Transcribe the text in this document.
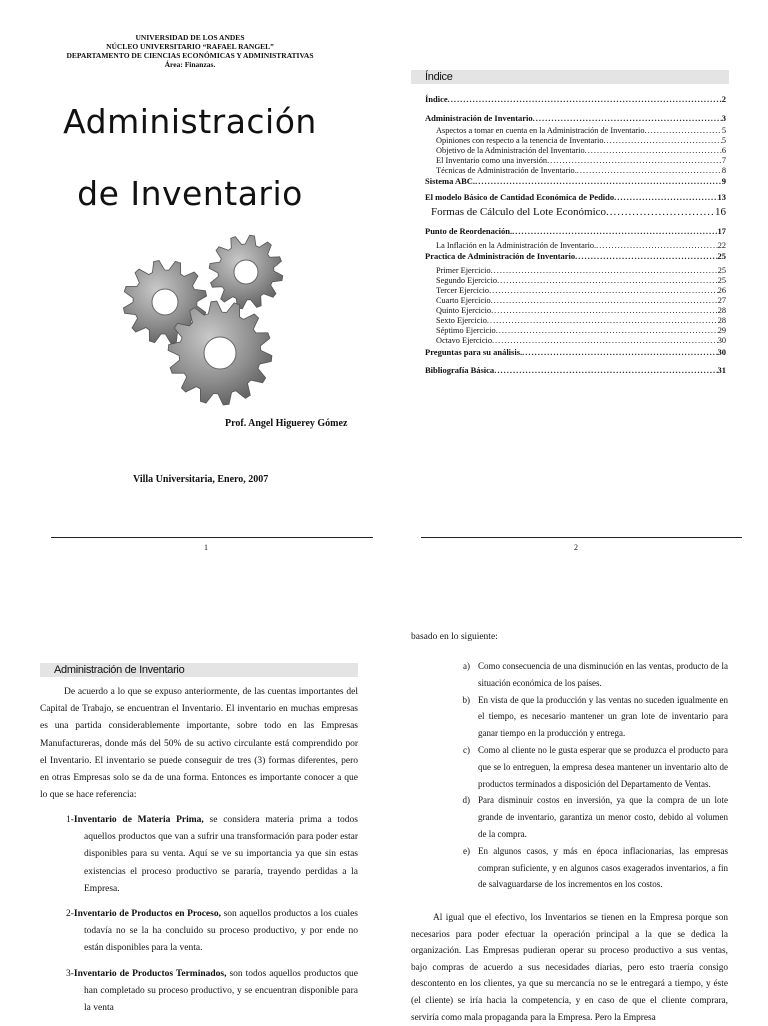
UNIVERSIDAD DE LOS ANDES
NÚCLEO UNIVERSITARIO “RAFAEL RANGEL”
DEPARTAMENTO DE CIENCIAS ECONÓMICAS Y ADMINISTRATIVAS
Área: Finanzas.
Administración
de Inventario
Prof. Angel Higuerey Gómez
Villa Universitaria, Enero, 2007
1
Índice
Índice .....	2
Administración de Inventario .....	3
Aspectos a tomar en cuenta en la Administración de Inventario .....	5
Opiniones con respecto a la tenencia de Inventario .....	5
Objetivo de la Administración del Inventario .....	6
El Inventario como una inversión .....	7
Técnicas de Administración de Inventario. .....	8
Sistema ABC. .....	9
El modelo Básico de Cantidad Económica de Pedido .....	13
Formas de Cálculo del Lote Económico .....	16
Punto de Reordenación. .....	17
La Inflación en la Administración de Inventario. .....	22
Practica de Administración de Inventario .....	25
Primer Ejercicio .....	25
Segundo Ejercicio .....	25
Tercer Ejercicio .....	26
Cuarto Ejercicio .....	27
Quinto Ejercicio .....	28
Sexto Ejercicio .....	28
Séptimo Ejercicio .....	29
Octavo Ejercicio .....	30
Preguntas para su análisis. .....	30
Bibliografía Básica .....	31
2
Administración de Inventario
De acuerdo a lo que se expuso anteriormente, de las cuentas importantes del Capital de Trabajo, se encuentran el Inventario. El inventario en muchas empresas es una partida considerablemente importante, sobre todo en las Empresas Manufactureras, donde más del 50% de su activo circulante está comprendido por el Inventario. El inventario se puede conseguir de tres (3) formas diferentes, pero en otras Empresas solo se da de una forma. Entonces es importante conocer a que lo que se hace referencia:
1-Inventario de Materia Prima, se considera materia prima a todos aquellos productos que van a sufrir una transformación para poder estar disponibles para su venta. Aquí se ve su importancia ya que sin estas existencias el proceso productivo se pararía, trayendo perdidas a la Empresa.
2-Inventario de Productos en Proceso, son aquellos productos a los cuales todavía no se la ha concluido su proceso productivo, y por ende no están disponibles para la venta.
3-Inventario de Productos Terminados, son todos aquellos productos que han completado su proceso productivo, y se encuentran disponible para la venta
basado en lo siguiente:
a) Como consecuencia de una disminución en las ventas, producto de la situación económica de los países.
b) En vista de que la producción y las ventas no suceden igualmente en el tiempo, es necesario mantener un gran lote de inventario para ganar tiempo en la producción y entrega.
c) Como al cliente no le gusta esperar que se produzca el producto para que se lo entreguen, la empresa desea mantener un inventario alto de productos terminados a disposición del Departamento de Ventas.
d) Para disminuir costos en inversión, ya que la compra de un lote grande de inventario, garantiza un menor costo, debido al volumen de la compra.
e) En algunos casos, y más en época inflacionarias, las empresas compran suficiente, y en algunos casos exagerados inventarios, a fin de salvaguardarse de los incrementos en los costos.
Al igual que el efectivo, los Inventarios se tienen en la Empresa porque son necesarios para poder efectuar la operación principal a la que se dedica la organización. Las Empresas pudieran operar su proceso productivo a sus ventas, bajo compras de acuerdo a sus necesidades diarias, pero esto traería consigo descontento en los clientes, ya que su mercancía no se le entregará a tiempo, y éste (el cliente) se iría hacia la competencia, y en caso de que el cliente comprara, serviría como mala propaganda para la Empresa. Pero la Empresa
